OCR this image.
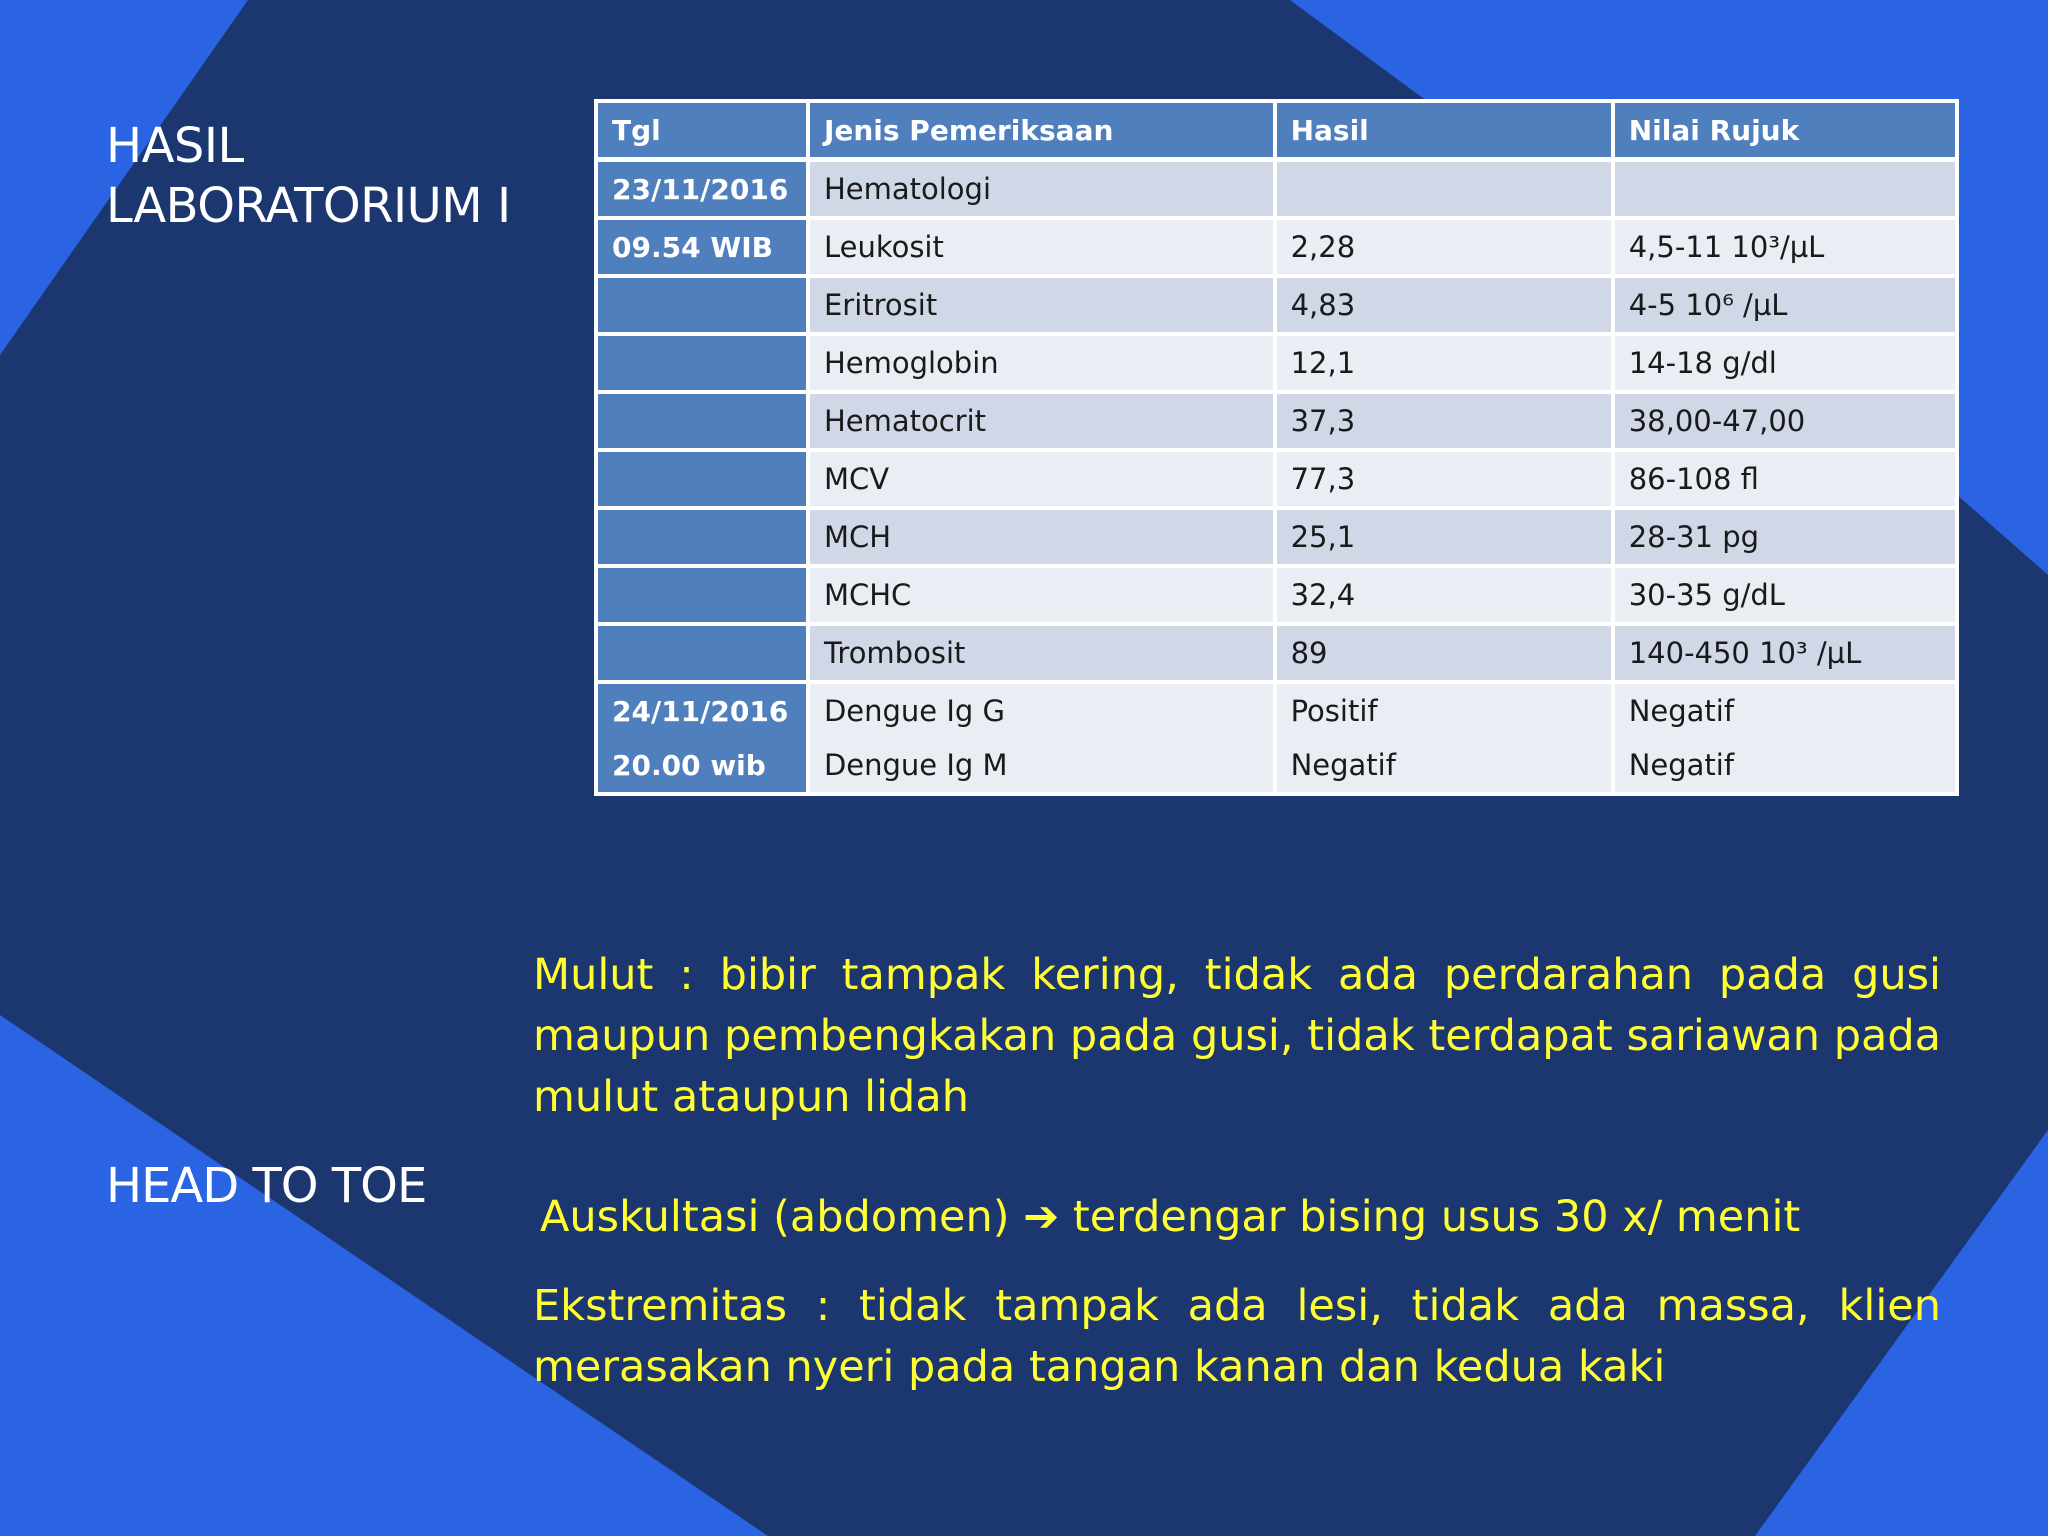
HASIL
LABORATORIUM I
Tgl	Jenis Pemeriksaan	Hasil	Nilai Rujuk
23/11/2016	Hematologi		
09.54 WIB	Leukosit	2,28	4,5-11 10³/µL
	Eritrosit	4,83	4-5 10⁶ /µL
	Hemoglobin	12,1	14-18 g/dl
	Hematocrit	37,3	38,00-47,00
	MCV	77,3	86-108 fl
	MCH	25,1	28-31 pg
	MCHC	32,4	30-35 g/dL
	Trombosit	89	140-450 10³ /µL
24/11/2016	Dengue Ig G	Positif	Negatif
20.00 wib	Dengue Ig M	Negatif	Negatif
HEAD TO TOE
Mulut : bibir tampak kering, tidak ada perdarahan pada gusi maupun pembengkakan pada gusi, tidak terdapat sariawan pada mulut ataupun lidah
Auskultasi (abdomen) ➔ terdengar bising usus 30 x/ menit
Ekstremitas : tidak tampak ada lesi, tidak ada massa, klien merasakan nyeri pada tangan kanan dan kedua kaki
